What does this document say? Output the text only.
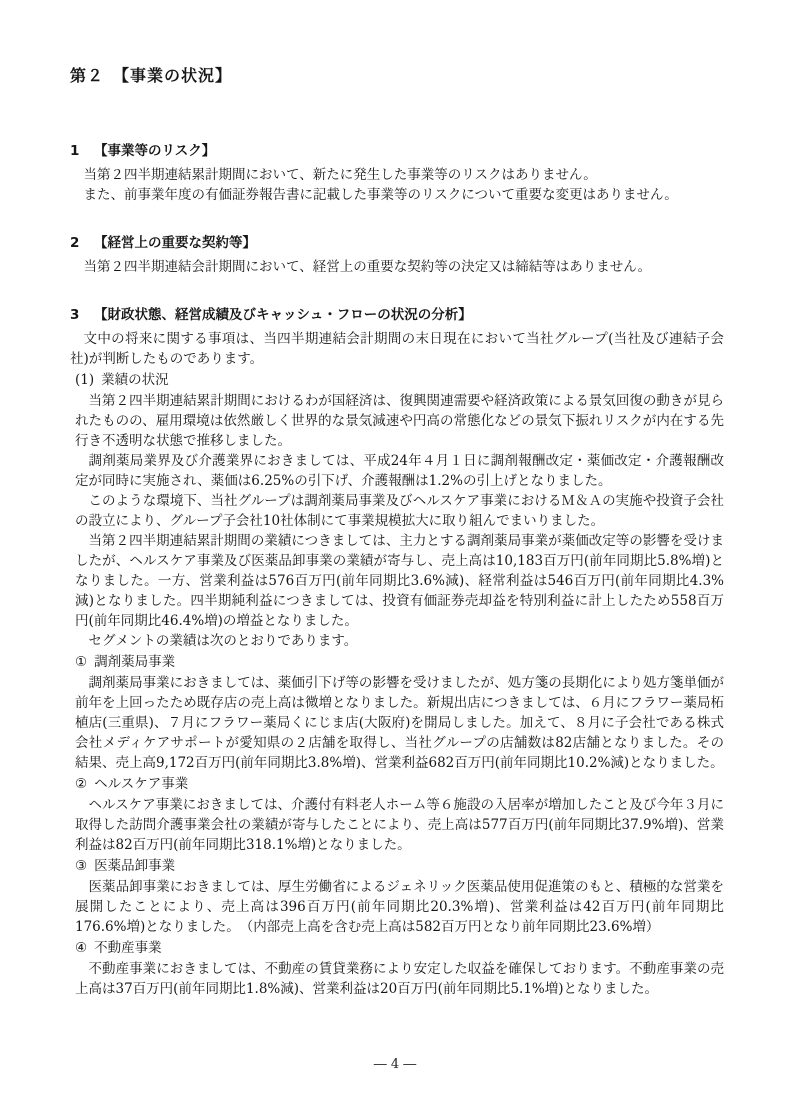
第２　【事業の状況】
1 【事業等のリスク】

当第２四半期連結累計期間において、新たに発生した事業等のリスクはありません。

また、前事業年度の有価証券報告書に記載した事業等のリスクについて重要な変更はありません。

2 【経営上の重要な契約等】

当第２四半期連結会計期間において、経営上の重要な契約等の決定又は締結等はありません。

3 【財政状態、経営成績及びキャッシュ・フローの状況の分析】

文中の将来に関する事項は、当四半期連結会計期間の末日現在において当社グループ(当社及び連結子会社)が判断したものであります。

(1) 業績の状況

当第２四半期連結累計期間におけるわが国経済は、復興関連需要や経済政策による景気回復の動きが見られたものの、雇用環境は依然厳しく世界的な景気減速や円高の常態化などの景気下振れリスクが内在する先行き不透明な状態で推移しました。

調剤薬局業界及び介護業界におきましては、平成24年４月１日に調剤報酬改定・薬価改定・介護報酬改定が同時に実施され、薬価は6.25%の引下げ、介護報酬は1.2%の引上げとなりました。

このような環境下、当社グループは調剤薬局事業及びヘルスケア事業におけるＭ＆Ａの実施や投資子会社の設立により、グループ子会社10社体制にて事業規模拡大に取り組んでまいりました。

当第２四半期連結累計期間の業績につきましては、主力とする調剤薬局事業が薬価改定等の影響を受けましたが、ヘルスケア事業及び医薬品卸事業の業績が寄与し、売上高は10,183百万円(前年同期比5.8%増)となりました。一方、営業利益は576百万円(前年同期比3.6%減)、経常利益は546百万円(前年同期比4.3%減)となりました。四半期純利益につきましては、投資有価証券売却益を特別利益に計上したため558百万円(前年同期比46.4%増)の増益となりました。

セグメントの業績は次のとおりであります。

① 調剤薬局事業

調剤薬局事業におきましては、薬価引下げ等の影響を受けましたが、処方箋の長期化により処方箋単価が前年を上回ったため既存店の売上高は微増となりました。新規出店につきましては、６月にフラワー薬局柘植店(三重県)、７月にフラワー薬局くにじま店(大阪府)を開局しました。加えて、８月に子会社である株式会社メディケアサポートが愛知県の２店舗を取得し、当社グループの店舗数は82店舗となりました。その結果、売上高9,172百万円(前年同期比3.8%増)、営業利益682百万円(前年同期比10.2%減)となりました。

② ヘルスケア事業

ヘルスケア事業におきましては、介護付有料老人ホーム等６施設の入居率が増加したこと及び今年３月に取得した訪問介護事業会社の業績が寄与したことにより、売上高は577百万円(前年同期比37.9%増)、営業利益は82百万円(前年同期比318.1%増)となりました。

③ 医薬品卸事業

医薬品卸事業におきましては、厚生労働省によるジェネリック医薬品使用促進策のもと、積極的な営業を展開したことにより、売上高は396百万円(前年同期比20.3%増)、営業利益は42百万円(前年同期比176.6%増)となりました。　（内部売上高を含む売上高は582百万円となり前年同期比23.6%増）

④ 不動産事業

不動産事業におきましては、不動産の賃貸業務により安定した収益を確保しております。不動産事業の売上高は37百万円(前年同期比1.8%減)、営業利益は20百万円(前年同期比5.1%増)となりました。

― 4 ―
